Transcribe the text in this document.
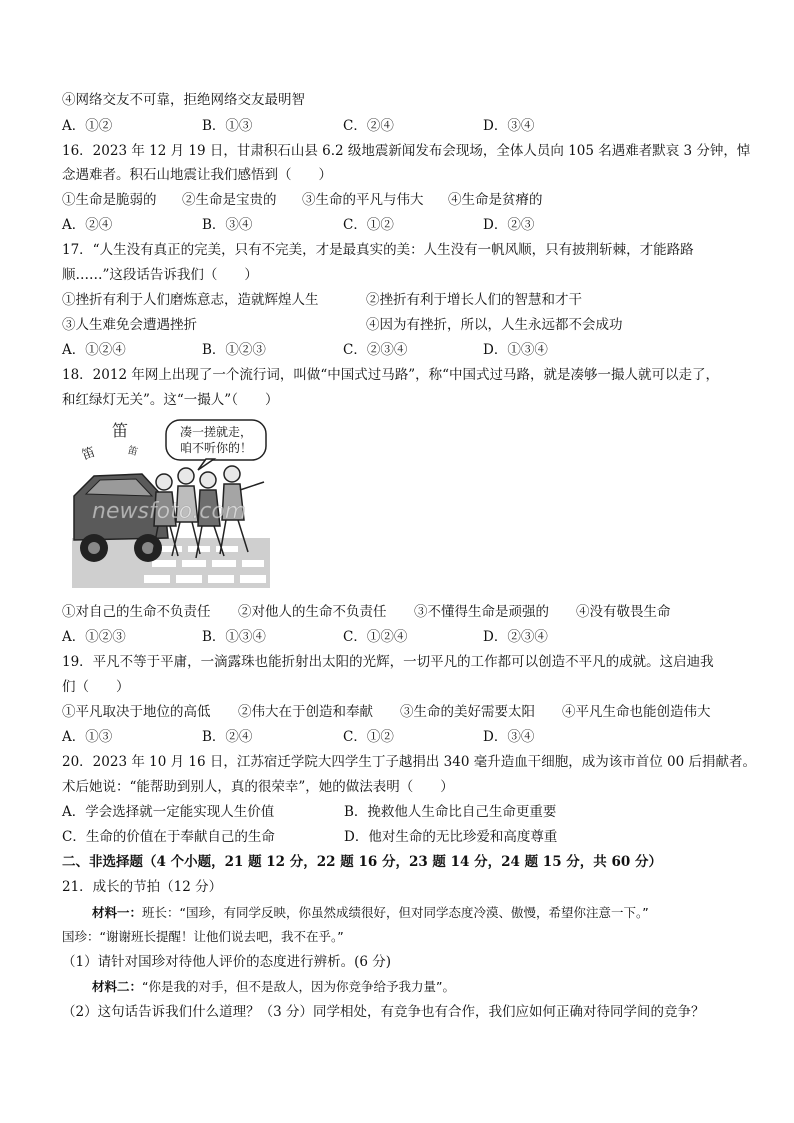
④网络交友不可靠，拒绝网络交友最明智
A．①②	B．①③	C．②④	D．③④
16．2023 年 12 月 19 日，甘肃积石山县 6.2 级地震新闻发布会现场，全体人员向 105 名遇难者默哀 3 分钟，悼
念遇难者。积石山地震让我们感悟到（　　）
①生命是脆弱的 ②生命是宝贵的 ③生命的平凡与伟大 ④生命是贫瘠的
A．②④	B．③④	C．①②	D．②③
17．“人生没有真正的完美，只有不完美，才是最真实的美：人生没有一帆风顺，只有披荆斩棘，才能路路
顺……”这段话告诉我们（　　）
①挫折有利于人们磨炼意志，造就辉煌人生	②挫折有利于增长人们的智慧和才干
③人生难免会遭遇挫折	④因为有挫折，所以，人生永远都不会成功
A．①②④	B．①②③	C．②③④	D．①③④
18．2012 年网上出现了一个流行词，叫做“中国式过马路”，称“中国式过马路，就是凑够一撮人就可以走了，
和红绿灯无关”。这“一撮人”（　　）
凑一搓就走，
咱不听你的！
笛
笛	笛
newsfoto.com
①对自己的生命不负责任 ②对他人的生命不负责任 ③不懂得生命是顽强的 ④没有敬畏生命
A．①②③	B．①③④	C．①②④	D．②③④
19．平凡不等于平庸，一滴露珠也能折射出太阳的光辉，一切平凡的工作都可以创造不平凡的成就。这启迪我
们（　　）
①平凡取决于地位的高低 ②伟大在于创造和奉献 ③生命的美好需要太阳 ④平凡生命也能创造伟大
A．①③	B．②④	C．①②	D．③④
20．2023 年 10 月 16 日，江苏宿迁学院大四学生丁子越捐出 340 毫升造血干细胞，成为该市首位 00 后捐献者。
术后她说：“能帮助到别人，真的很荣幸”，她的做法表明（　　）
A．学会选择就一定能实现人生价值	B．挽救他人生命比自己生命更重要
C．生命的价值在于奉献自己的生命	D．他对生命的无比珍爱和高度尊重
二、非选择题（4 个小题，21 题 12 分，22 题 16 分，23 题 14 分，24 题 15 分，共 60 分）
21．成长的节拍（12 分）
材料一：班长：“国珍，有同学反映，你虽然成绩很好，但对同学态度冷漠、傲慢，希望你注意一下。”
国珍：“谢谢班长提醒！让他们说去吧，我不在乎。”
（1）请针对国珍对待他人评价的态度进行辨析。(6 分)
材料二：“你是我的对手，但不是敌人，因为你竞争给予我力量”。
（2）这句话告诉我们什么道理？（3 分）同学相处，有竞争也有合作，我们应如何正确对待同学间的竞争？
